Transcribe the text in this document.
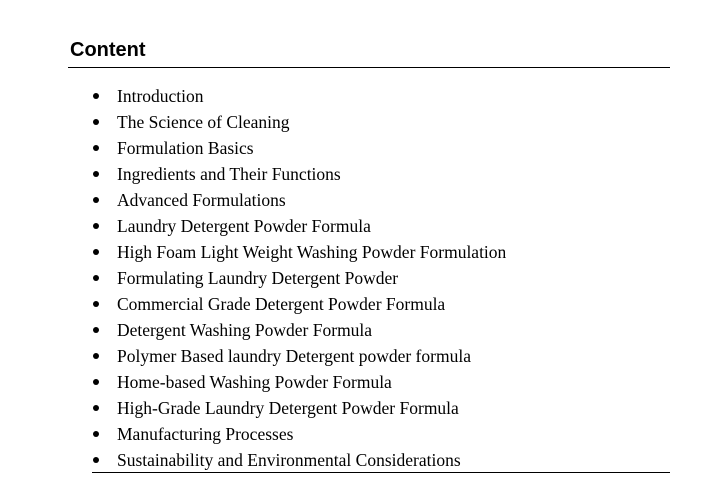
Content
Introduction
The Science of Cleaning
Formulation Basics
Ingredients and Their Functions
Advanced Formulations
Laundry Detergent Powder Formula
High Foam Light Weight Washing Powder Formulation
Formulating Laundry Detergent Powder
Commercial Grade Detergent Powder Formula
Detergent Washing Powder Formula
Polymer Based laundry Detergent powder formula
Home-based Washing Powder Formula
High-Grade Laundry Detergent Powder Formula
Manufacturing Processes
Sustainability and Environmental Considerations
